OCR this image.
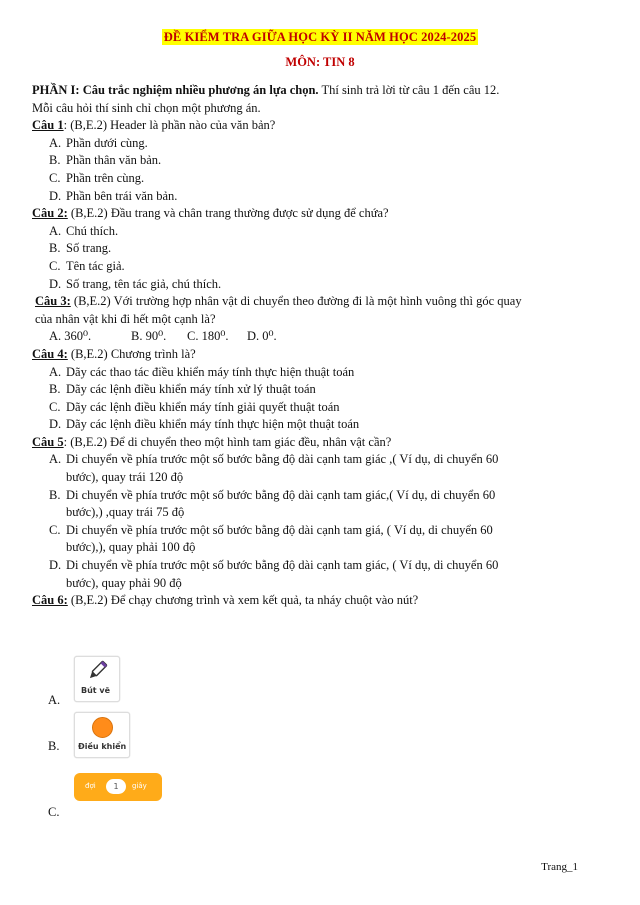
ĐỀ KIỂM TRA GIỮA HỌC KỲ II NĂM HỌC 2024-2025
MÔN: TIN 8
PHẦN I: Câu trắc nghiệm nhiều phương án lựa chọn. Thí sinh trả lời từ câu 1 đến câu 12.
Mỗi câu hỏi thí sinh chỉ chọn một phương án.
Câu 1: (B,E.2) Header là phần nào của văn bản?
A. Phần dưới cùng.
B. Phần thân văn bản.
C. Phần trên cùng.
D. Phần bên trái văn bản.
Câu 2: (B,E.2) Đầu trang và chân trang thường được sử dụng để chứa?
A. Chú thích.
B. Số trang.
C. Tên tác giả.
D. Số trang, tên tác giả, chú thích.
Câu 3: (B,E.2) Với trường hợp nhân vật di chuyển theo đường đi là một hình vuông thì góc quay
của nhân vật khi đi hết một cạnh là?
A. 360⁰.	B. 90⁰. C. 180⁰. D. 0⁰.
Câu 4: (B,E.2) Chương trình là?
A. Dãy các thao tác điều khiển máy tính thực hiện thuật toán
B. Dãy các lệnh điều khiển máy tính xử lý thuật toán
C. Dãy các lệnh điều khiển máy tính giải quyết thuật toán
D. Dãy các lệnh điều khiển máy tính thực hiện một thuật toán
Câu 5: (B,E.2) Để di chuyển theo một hình tam giác đều, nhân vật cần?
A. Di chuyển về phía trước một số bước bằng độ dài cạnh tam giác ,( Ví dụ, di chuyển 60
bước), quay trái 120 độ
B. Di chuyển về phía trước một số bước bằng độ dài cạnh tam giác,( Ví dụ, di chuyển 60
bước),) ,quay trái 75 độ
C. Di chuyển về phía trước một số bước bằng độ dài cạnh tam giá, ( Ví dụ, di chuyển 60
bước),), quay phải 100 độ
D. Di chuyển về phía trước một số bước bằng độ dài cạnh tam giác, ( Ví dụ, di chuyển 60
bước), quay phải 90 độ
Câu 6: (B,E.2) Để chạy chương trình và xem kết quả, ta nháy chuột vào nút?
A.
Bút vẽ
B. Điều khiển
C.
đợi	1	giây
Trang_1
